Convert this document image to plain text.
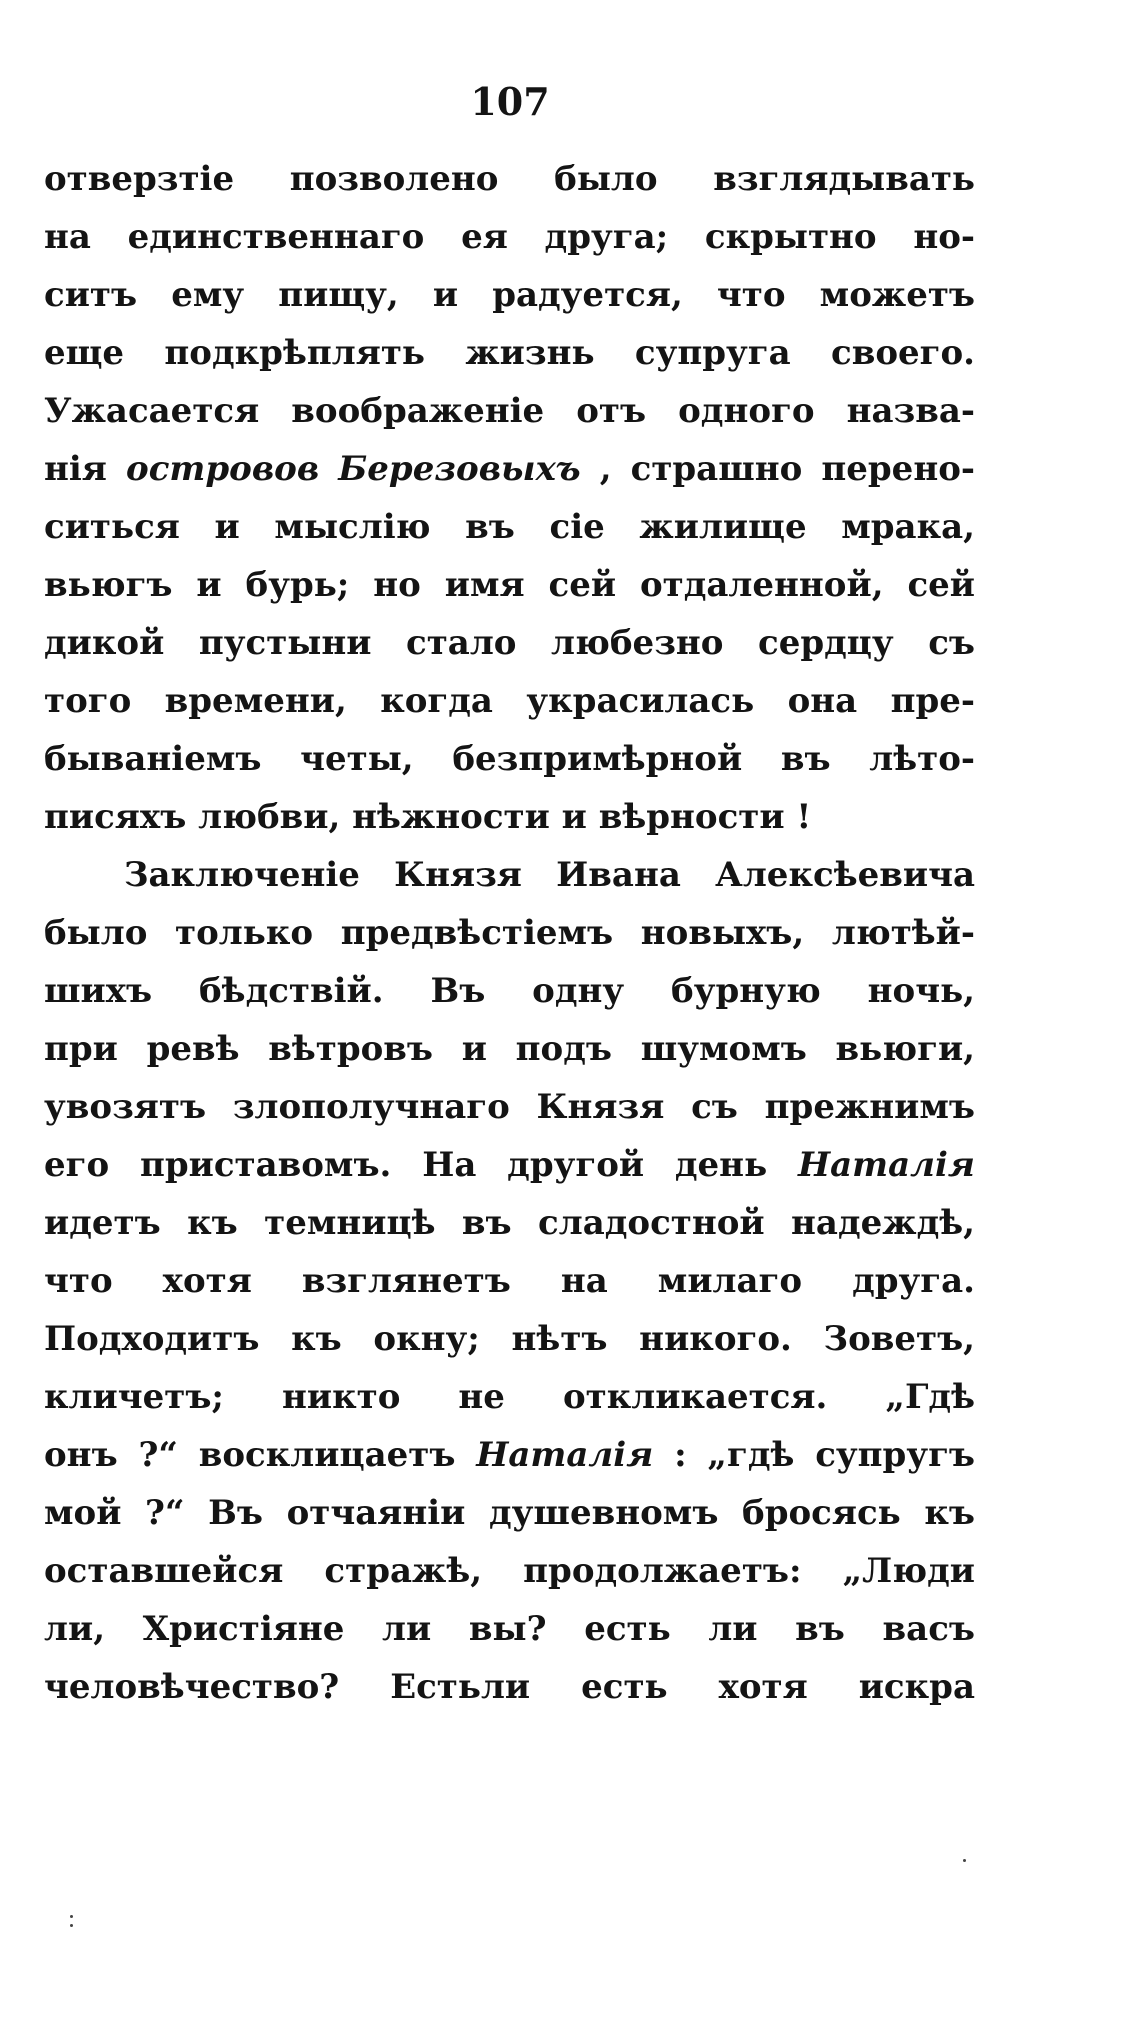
107
отверзтіе позволено было взглядывать
на единственнаго ея друга; скрытно но-
ситъ ему пищу, и радуется, что можетъ
еще подкрѣплять жизнь супруга своего.
Ужасается воображеніе отъ одного назва-
нія островов Березовыхъ , страшно перено-
ситься и мыслію въ сіе жилище мрака,
вьюгъ и бурь; но имя сей отдаленной, сей
дикой пустыни стало любезно сердцу съ
того времени, когда украсилась она пре-
быванiемъ четы, безпримѣрной въ лѣто-
писяхъ любви, нѣжности и вѣрности !
Заключеніе Князя Ивана Алексѣевича
было только предвѣстіемъ новыхъ, лютѣй-
шихъ бѣдствій. Въ одну бурную ночь,
при ревѣ вѣтровъ и подъ шумомъ вьюги,
увозятъ злополучнаго Князя съ прежнимъ
его приставомъ. На другой день Наталія
идетъ къ темницѣ въ сладостной надеждѣ,
что хотя взглянетъ на милаго друга.
Подходитъ къ окну; нѣтъ никого. Зоветъ,
кличетъ; никто не откликается. „Гдѣ
онъ ?“ восклицаетъ Наталія : „гдѣ супругъ
мой ?“ Въ отчаяніи душевномъ бросясь къ
оставшейся стражѣ, продолжаетъ: „Люди
ли, Христіяне ли вы? есть ли въ васъ
человѣчество? Естьли есть хотя искра
